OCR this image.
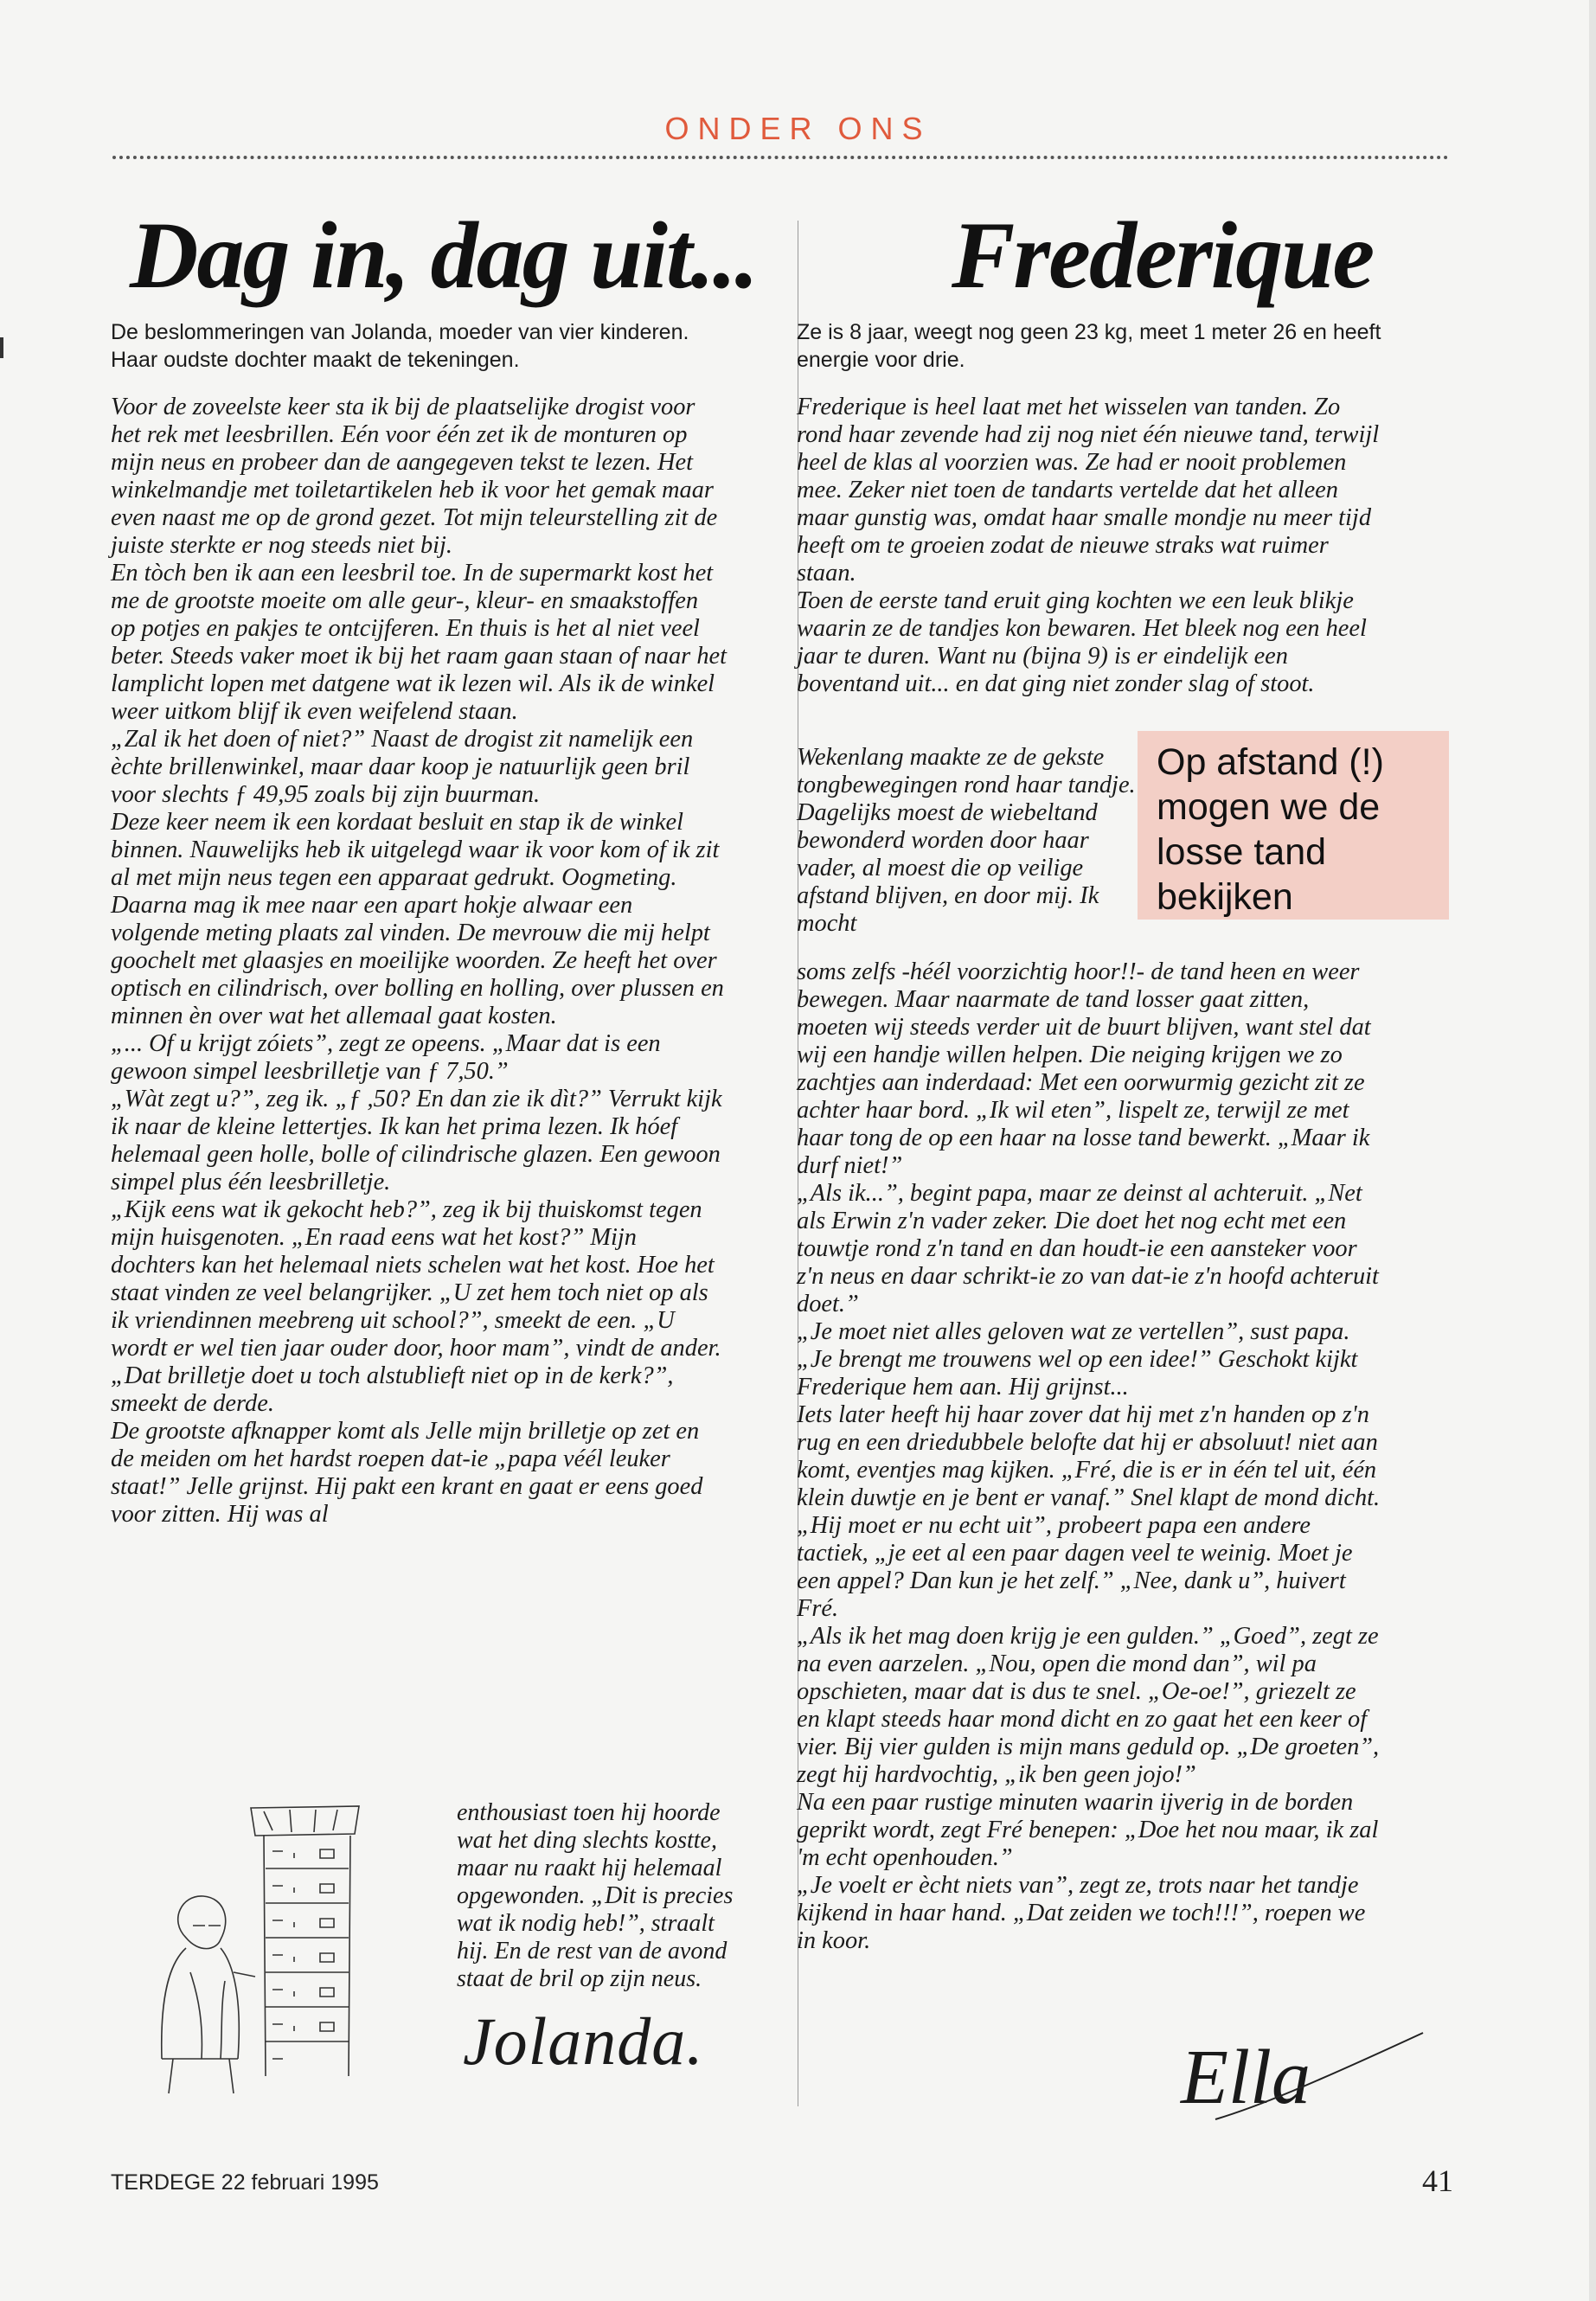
ONDER ONS
Dag in, dag uit...

De beslommeringen van Jolanda, moeder van vier kinderen. Haar oudste dochter maakt de tekeningen.

Voor de zoveelste keer sta ik bij de plaatselijke drogist voor het rek met leesbrillen. Eén voor één zet ik de monturen op mijn neus en probeer dan de aangegeven tekst te lezen. Het winkelmandje met toiletartikelen heb ik voor het gemak maar even naast me op de grond gezet. Tot mijn teleurstelling zit de juiste sterkte er nog steeds niet bij.

En tòch ben ik aan een leesbril toe. In de supermarkt kost het me de grootste moeite om alle geur-, kleur- en smaakstoffen op potjes en pakjes te ontcijferen. En thuis is het al niet veel beter. Steeds vaker moet ik bij het raam gaan staan of naar het lamplicht lopen met datgene wat ik lezen wil. Als ik de winkel weer uitkom blijf ik even weifelend staan.

„Zal ik het doen of niet?” Naast de drogist zit namelijk een èchte brillenwinkel, maar daar koop je natuurlijk geen bril voor slechts ƒ 49,95 zoals bij zijn buurman.

Deze keer neem ik een kordaat besluit en stap ik de winkel binnen. Nauwelijks heb ik uitgelegd waar ik voor kom of ik zit al met mijn neus tegen een apparaat gedrukt. Oogmeting. Daarna mag ik mee naar een apart hokje alwaar een volgende meting plaats zal vinden. De mevrouw die mij helpt goochelt met glaasjes en moeilijke woorden. Ze heeft het over optisch en cilindrisch, over bolling en holling, over plussen en minnen èn over wat het allemaal gaat kosten.

„... Of u krijgt zóiets”, zegt ze opeens. „Maar dat is een gewoon simpel leesbrilletje van ƒ 7,50.”

„Wàt zegt u?”, zeg ik. „ƒ ,50? En dan zie ik dìt?” Verrukt kijk ik naar de kleine lettertjes. Ik kan het prima lezen. Ik hóef helemaal geen holle, bolle of cilindrische glazen. Een gewoon simpel plus één leesbrilletje.

„Kijk eens wat ik gekocht heb?”, zeg ik bij thuiskomst tegen mijn huisgenoten. „En raad eens wat het kost?” Mijn dochters kan het helemaal niets schelen wat het kost. Hoe het staat vinden ze veel belangrijker. „U zet hem toch niet op als ik vriendinnen meebreng uit school?”, smeekt de een. „U wordt er wel tien jaar ouder door, hoor mam”, vindt de ander. „Dat brilletje doet u toch alstublieft niet op in de kerk?”, smeekt de derde.

De grootste afknapper komt als Jelle mijn brilletje op zet en de meiden om het hardst roepen dat-ie „papa véél leuker staat!” Jelle grijnst. Hij pakt een krant en gaat er eens goed voor zitten. Hij was al

enthousiast toen hij hoorde wat het ding slechts kostte, maar nu raakt hij helemaal opgewonden. „Dit is precies wat ik nodig heb!”, straalt hij. En de rest van de avond staat de bril op zijn neus.
Jolanda.
Frederique

Ze is 8 jaar, weegt nog geen 23 kg, meet 1 meter 26 en heeft energie voor drie.

Frederique is heel laat met het wisselen van tanden. Zo rond haar zevende had zij nog niet één nieuwe tand, terwijl heel de klas al voorzien was. Ze had er nooit problemen mee. Zeker niet toen de tandarts vertelde dat het alleen maar gunstig was, omdat haar smalle mondje nu meer tijd heeft om te groeien zodat de nieuwe straks wat ruimer staan.

Toen de eerste tand eruit ging kochten we een leuk blikje waarin ze de tandjes kon bewaren. Het bleek nog een heel jaar te duren. Want nu (bijna 9) is er eindelijk een boventand uit... en dat ging niet zonder slag of stoot.

Wekenlang maakte ze de gekste tongbewegingen rond haar tandje. Dagelijks moest de wiebeltand bewonderd worden door haar vader, al moest die op veilige afstand blijven, en door mij. Ik mocht

Op afstand (!) mogen we de losse tand bekijken

soms zelfs -héél voorzichtig hoor!!- de tand heen en weer bewegen. Maar naarmate de tand losser gaat zitten, moeten wij steeds verder uit de buurt blijven, want stel dat wij een handje willen helpen. Die neiging krijgen we zo zachtjes aan inderdaad: Met een oorwurmig gezicht zit ze achter haar bord. „Ik wil eten”, lispelt ze, terwijl ze met haar tong de op een haar na losse tand bewerkt. „Maar ik durf niet!”

„Als ik...”, begint papa, maar ze deinst al achteruit. „Net als Erwin z'n vader zeker. Die doet het nog echt met een touwtje rond z'n tand en dan houdt-ie een aansteker voor z'n neus en daar schrikt-ie zo van dat-ie z'n hoofd achteruit doet.”

„Je moet niet alles geloven wat ze vertellen”, sust papa. „Je brengt me trouwens wel op een idee!” Geschokt kijkt Frederique hem aan. Hij grijnst...

Iets later heeft hij haar zover dat hij met z'n handen op z'n rug en een driedubbele belofte dat hij er absoluut! niet aan komt, eventjes mag kijken. „Fré, die is er in één tel uit, één klein duwtje en je bent er vanaf.” Snel klapt de mond dicht.

„Hij moet er nu echt uit”, probeert papa een andere tactiek, „je eet al een paar dagen veel te weinig. Moet je een appel? Dan kun je het zelf.” „Nee, dank u”, huivert Fré.

„Als ik het mag doen krijg je een gulden.” „Goed”, zegt ze na even aarzelen. „Nou, open die mond dan”, wil pa opschieten, maar dat is dus te snel. „Oe-oe!”, griezelt ze en klapt steeds haar mond dicht en zo gaat het een keer of vier. Bij vier gulden is mijn mans geduld op. „De groeten”, zegt hij hardvochtig, „ik ben geen jojo!”

Na een paar rustige minuten waarin ijverig in de borden geprikt wordt, zegt Fré benepen: „Doe het nou maar, ik zal 'm echt openhouden.”

„Je voelt er ècht niets van”, zegt ze, trots naar het tandje kijkend in haar hand. „Dat zeiden we toch!!!”, roepen we in koor.

Ella

TERDEGE 22 februari 1995	41
